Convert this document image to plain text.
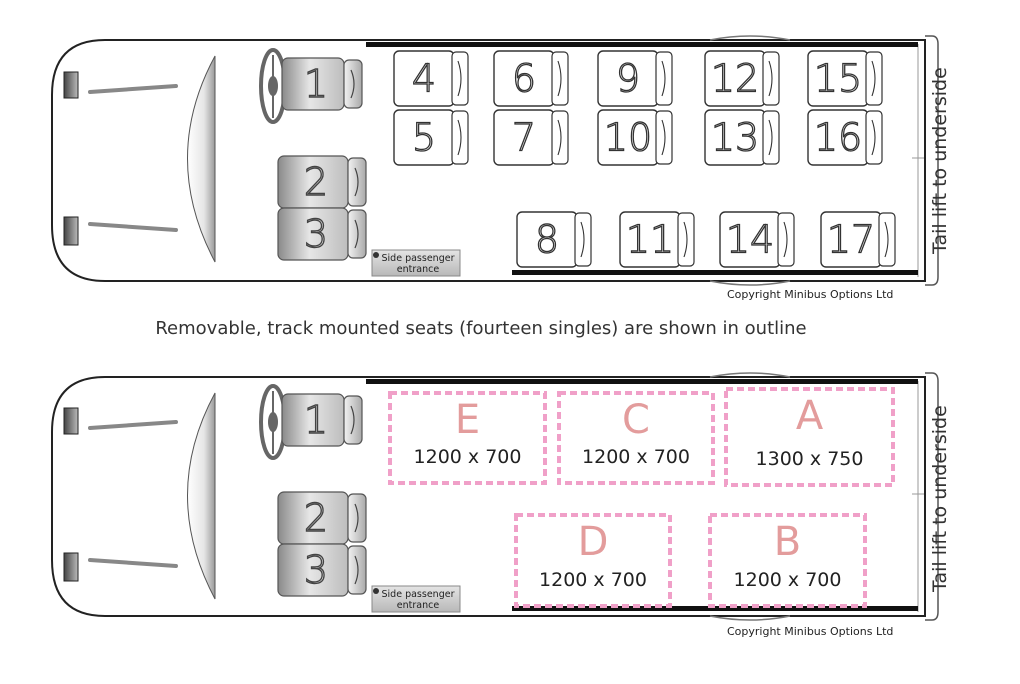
1
2
3
4
5
6
7
8
9
10
11
12
13
14
15
16
17
Side passenger
entrance
Tail lift to underside
Copyright Minibus Options Ltd
Removable, track mounted seats (fourteen singles) are shown in outline
1
2
3
E
1200 x 700
C
1200 x 700
A
1300 x 750
D
1200 x 700
B
1200 x 700
Side passenger
entrance
Tail lift to underside
Copyright Minibus Options Ltd
